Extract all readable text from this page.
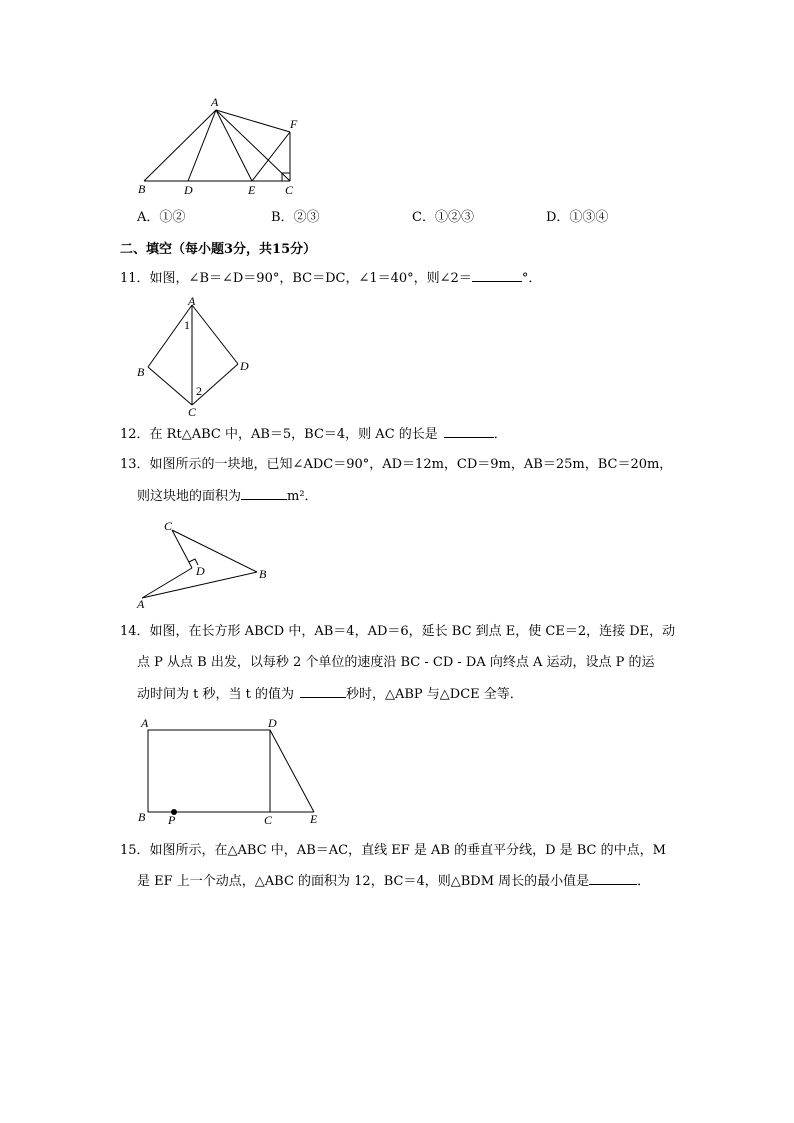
A
F
B	D	E C
A．①②	B．②③	C．①②③	D．①③④
二、填空（每小题3分，共15分）
11．如图，∠B＝∠D＝90°，BC＝DC，∠1＝40°，则∠2＝	°．
A
1
B	D
2
C
12．在 Rt△ABC 中，AB＝5，BC＝4，则 AC 的长是	．
13．如图所示的一块地，已知∠ADC＝90°，AD＝12m，CD＝9m，AB＝25m，BC＝20m，
则这块地的面积为	m²．
C
D	B
A
14．如图，在长方形 ABCD 中，AB＝4，AD＝6，延长 BC 到点 E，使 CE＝2，连接 DE，动
点 P 从点 B 出发，以每秒 2 个单位的速度沿 BC - CD - DA 向终点 A 运动，设点 P 的运
动时间为 t 秒，当 t 的值为	秒时，△ABP 与△DCE 全等．
A	D
B P	C	E
15．如图所示，在△ABC 中，AB＝AC，直线 EF 是 AB 的垂直平分线，D 是 BC 的中点，M
是 EF 上一个动点，△ABC 的面积为 12，BC＝4，则△BDM 周长的最小值是	．
